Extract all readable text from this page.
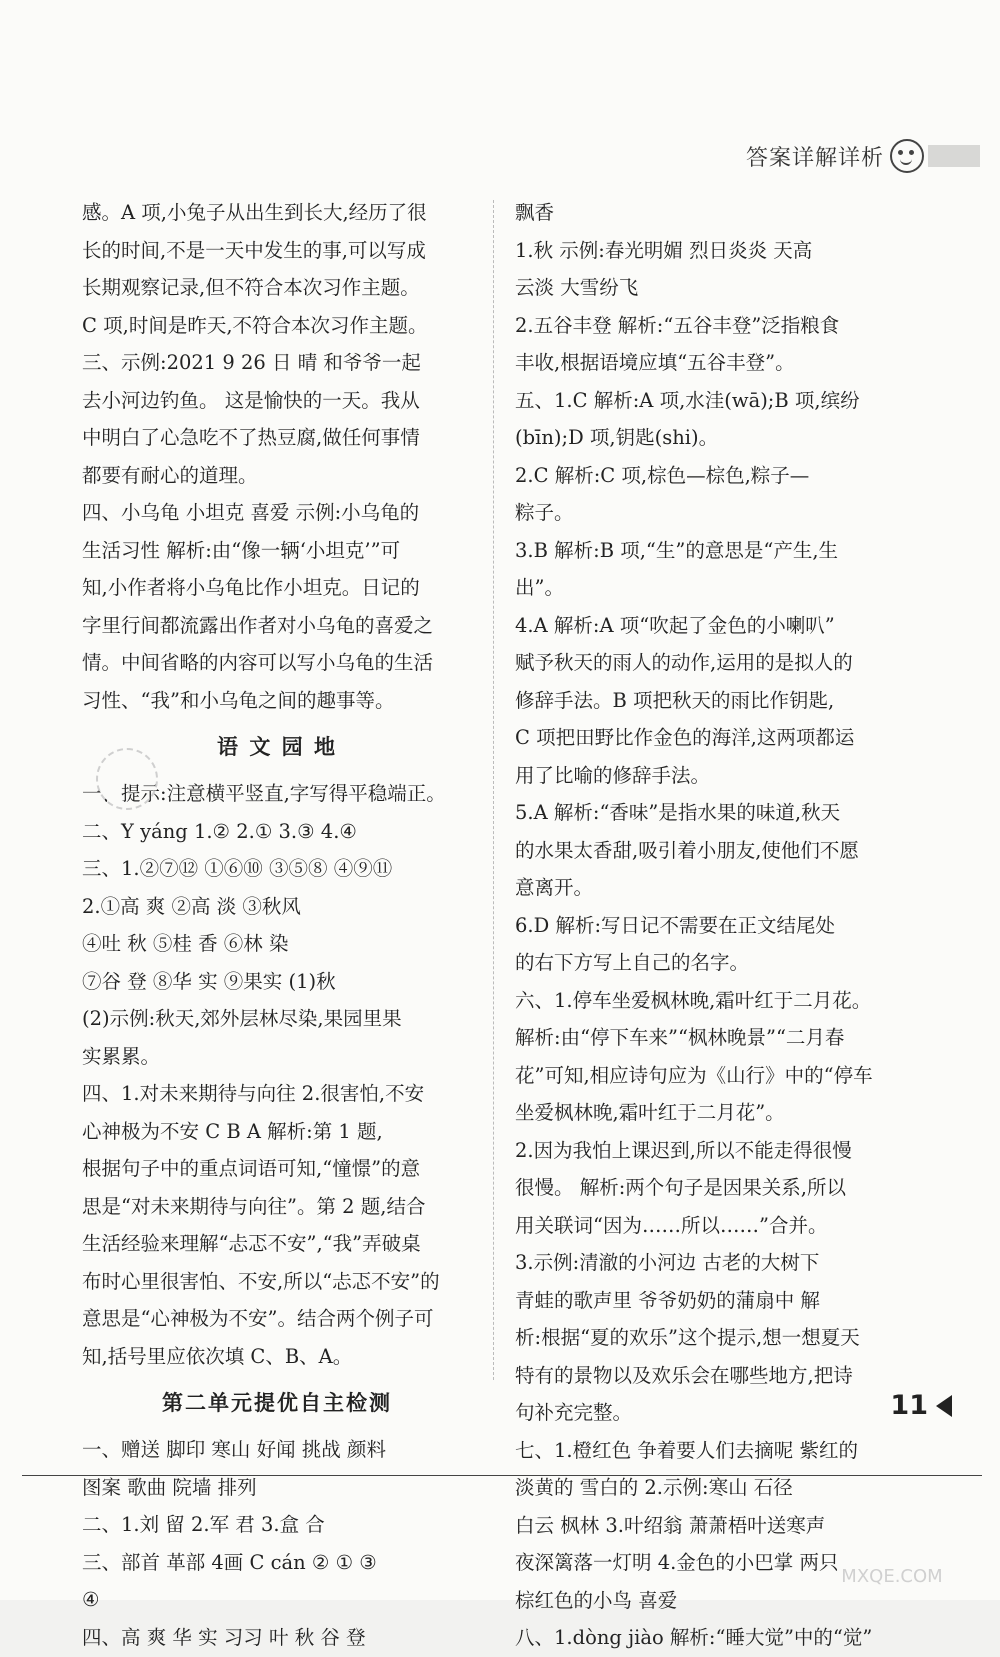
答案详解详析
感。A 项,小兔子从出生到长大,经历了很
长的时间,不是一天中发生的事,可以写成
长期观察记录,但不符合本次习作主题。
C 项,时间是昨天,不符合本次习作主题。
三、示例:2021 9 26 日 晴 和爷爷一起
去小河边钓鱼。 这是愉快的一天。我从
中明白了心急吃不了热豆腐,做任何事情
都要有耐心的道理。
四、小乌龟 小坦克 喜爱 示例:小乌龟的
生活习性 解析:由“像一辆‘小坦克’”可
知,小作者将小乌龟比作小坦克。日记的
字里行间都流露出作者对小乌龟的喜爱之
情。中间省略的内容可以写小乌龟的生活
习性、“我”和小乌龟之间的趣事等。
语 文 园 地
一、提示:注意横平竖直,字写得平稳端正。
二、Y yáng 1.② 2.① 3.③ 4.④
三、1.②⑦⑫ ①⑥⑩ ③⑤⑧ ④⑨⑪
2.①高 爽 ②高 淡 ③秋风
④吐 秋 ⑤桂 香 ⑥林 染
⑦谷 登 ⑧华 实 ⑨果实 (1)秋
(2)示例:秋天,郊外层林尽染,果园里果
实累累。
四、1.对未来期待与向往 2.很害怕,不安
心神极为不安 C B A 解析:第 1 题,
根据句子中的重点词语可知,“憧憬”的意
思是“对未来期待与向往”。第 2 题,结合
生活经验来理解“忐忑不安”,“我”弄破桌
布时心里很害怕、不安,所以“忐忑不安”的
意思是“心神极为不安”。结合两个例子可
知,括号里应依次填 C、B、A。
第二单元提优自主检测
一、赠送 脚印 寒山 好闻 挑战 颜料
图案 歌曲 院墙 排列
二、1.刘 留 2.军 君 3.盒 合
三、部首 革部 4画 C cán ② ① ③
④
四、高 爽 华 实 习习 叶 秋 谷 登
飘香
1.秋 示例:春光明媚 烈日炎炎 天高
云淡 大雪纷飞
2.五谷丰登 解析:“五谷丰登”泛指粮食
丰收,根据语境应填“五谷丰登”。
五、1.C 解析:A 项,水洼(wā);B 项,缤纷
(bīn);D 项,钥匙(shi)。
2.C 解析:C 项,棕色—棕色,粽子—
粽子。
3.B 解析:B 项,“生”的意思是“产生,生
出”。
4.A 解析:A 项“吹起了金色的小喇叭”
赋予秋天的雨人的动作,运用的是拟人的
修辞手法。B 项把秋天的雨比作钥匙,
C 项把田野比作金色的海洋,这两项都运
用了比喻的修辞手法。
5.A 解析:“香味”是指水果的味道,秋天
的水果太香甜,吸引着小朋友,使他们不愿
意离开。
6.D 解析:写日记不需要在正文结尾处
的右下方写上自己的名字。
六、1.停车坐爱枫林晚,霜叶红于二月花。
解析:由“停下车来”“枫林晚景”“二月春
花”可知,相应诗句应为《山行》中的“停车
坐爱枫林晚,霜叶红于二月花”。
2.因为我怕上课迟到,所以不能走得很慢
很慢。 解析:两个句子是因果关系,所以
用关联词“因为……所以……”合并。
3.示例:清澈的小河边 古老的大树下
青蛙的歌声里 爷爷奶奶的蒲扇中 解
析:根据“夏的欢乐”这个提示,想一想夏天
特有的景物以及欢乐会在哪些地方,把诗
句补充完整。
七、1.橙红色 争着要人们去摘呢 紫红的
淡黄的 雪白的 2.示例:寒山 石径
白云 枫林 3.叶绍翁 萧萧梧叶送寒声
夜深篱落一灯明 4.金色的小巴掌 两只
棕红色的小鸟 喜爱
八、1.dòng jiào 解析:“睡大觉”中的“觉”
11
MXQE.COM
